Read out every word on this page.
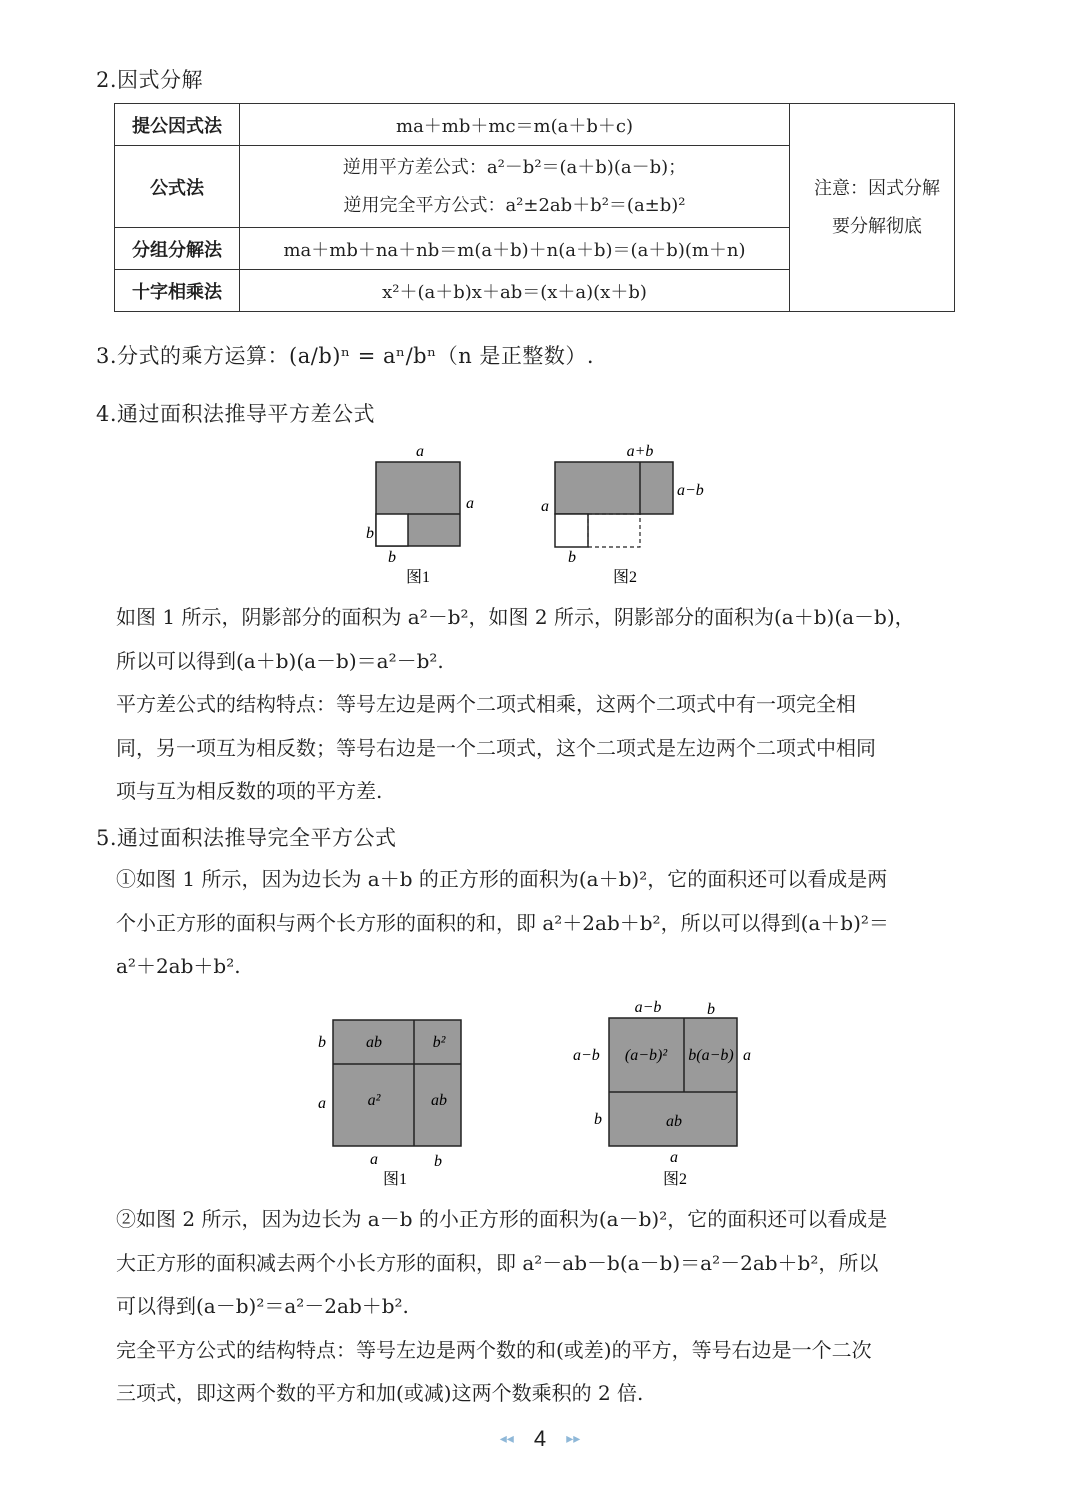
2.因式分解
提公因式法	ma＋mb＋mc＝m(a＋b＋c)	注意：因式分解
要分解彻底

公式法	逆用平方差公式：a²－b²＝(a＋b)(a－b)；
逆用完全平方公式：a²±2ab＋b²＝(a±b)²	

分组分解法	ma＋mb＋na＋nb＝m(a＋b)＋n(a＋b)＝(a＋b)(m＋n)	
十字相乘法	x²＋(a＋b)x＋ab＝(x＋a)(x＋b)	
3.分式的乘方运算：(a/b)ⁿ = aⁿ/bⁿ（n 是正整数）.
4.通过面积法推导平方差公式
a
a
b
b
图1
a+b
a−b
a
b
图2
如图 1 所示，阴影部分的面积为 a²－b²，如图 2 所示，阴影部分的面积为(a＋b)(a－b)，
所以可以得到(a＋b)(a－b)＝a²－b².
平方差公式的结构特点：等号左边是两个二项式相乘，这两个二项式中有一项完全相
同，另一项互为相反数；等号右边是一个二项式，这个二项式是左边两个二项式中相同
项与互为相反数的项的平方差.
5.通过面积法推导完全平方公式
①如图 1 所示，因为边长为 a＋b 的正方形的面积为(a＋b)²，它的面积还可以看成是两
个小正方形的面积与两个长方形的面积的和，即 a²＋2ab＋b²，所以可以得到(a＋b)²＝
a²＋2ab＋b².
ab	b²
a²	ab
b
a
a	b
图1
(a−b)² b(a−b)
ab
a−b	b
a−b
b
a
a
图2
②如图 2 所示，因为边长为 a－b 的小正方形的面积为(a－b)²，它的面积还可以看成是
大正方形的面积减去两个小长方形的面积，即 a²－ab－b(a－b)＝a²－2ab＋b²，所以
可以得到(a－b)²＝a²－2ab＋b².
完全平方公式的结构特点：等号左边是两个数的和(或差)的平方，等号右边是一个二次
三项式，即这两个数的平方和加(或减)这两个数乘积的 2 倍.
◂◂ 4 ▸▸
